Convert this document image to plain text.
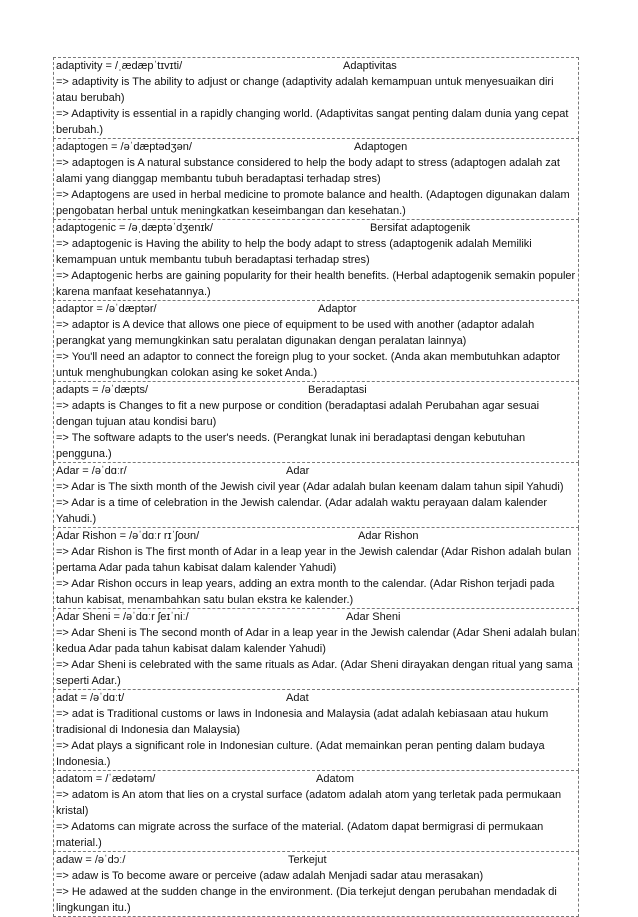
adaptivity = /ˌædæpˈtɪvɪti/	Adaptivitas

=> adaptivity is The ability to adjust or change (adaptivity adalah kemampuan untuk menyesuaikan diri atau berubah)

=> Adaptivity is essential in a rapidly changing world. (Adaptivitas sangat penting dalam dunia yang cepat berubah.)

adaptogen = /əˈdæptədʒən/	Adaptogen

=> adaptogen is A natural substance considered to help the body adapt to stress (adaptogen adalah zat alami yang dianggap membantu tubuh beradaptasi terhadap stres)

=> Adaptogens are used in herbal medicine to promote balance and health. (Adaptogen digunakan dalam pengobatan herbal untuk meningkatkan keseimbangan dan kesehatan.)

adaptogenic = /əˌdæptəˈdʒenɪk/	Bersifat adaptogenik

=> adaptogenic is Having the ability to help the body adapt to stress (adaptogenik adalah Memiliki kemampuan untuk membantu tubuh beradaptasi terhadap stres)

=> Adaptogenic herbs are gaining popularity for their health benefits. (Herbal adaptogenik semakin populer karena manfaat kesehatannya.)

adaptor = /əˈdæptər/	Adaptor

=> adaptor is A device that allows one piece of equipment to be used with another (adaptor adalah perangkat yang memungkinkan satu peralatan digunakan dengan peralatan lainnya)

=> You'll need an adaptor to connect the foreign plug to your socket. (Anda akan membutuhkan adaptor untuk menghubungkan colokan asing ke soket Anda.)

adapts = /əˈdæpts/	Beradaptasi

=> adapts is Changes to fit a new purpose or condition (beradaptasi adalah Perubahan agar sesuai dengan tujuan atau kondisi baru)

=> The software adapts to the user's needs. (Perangkat lunak ini beradaptasi dengan kebutuhan pengguna.)

Adar = /əˈdɑːr/	Adar

=> Adar is The sixth month of the Jewish civil year (Adar adalah bulan keenam dalam tahun sipil Yahudi)

=> Adar is a time of celebration in the Jewish calendar. (Adar adalah waktu perayaan dalam kalender Yahudi.)

Adar Rishon = /əˈdɑːr rɪˈʃoʊn/	Adar Rishon

=> Adar Rishon is The first month of Adar in a leap year in the Jewish calendar (Adar Rishon adalah bulan pertama Adar pada tahun kabisat dalam kalender Yahudi)

=> Adar Rishon occurs in leap years, adding an extra month to the calendar. (Adar Rishon terjadi pada tahun kabisat, menambahkan satu bulan ekstra ke kalender.)

Adar Sheni = /əˈdɑːr ʃeɪˈniː/	Adar Sheni

=> Adar Sheni is The second month of Adar in a leap year in the Jewish calendar (Adar Sheni adalah bulan kedua Adar pada tahun kabisat dalam kalender Yahudi)

=> Adar Sheni is celebrated with the same rituals as Adar. (Adar Sheni dirayakan dengan ritual yang sama seperti Adar.)

adat = /əˈdɑːt/	Adat

=> adat is Traditional customs or laws in Indonesia and Malaysia (adat adalah kebiasaan atau hukum tradisional di Indonesia dan Malaysia)

=> Adat plays a significant role in Indonesian culture. (Adat memainkan peran penting dalam budaya Indonesia.)

adatom = /ˈædətəm/	Adatom

=> adatom is An atom that lies on a crystal surface (adatom adalah atom yang terletak pada permukaan kristal)

=> Adatoms can migrate across the surface of the material. (Adatom dapat bermigrasi di permukaan material.)

adaw = /əˈdɔː/	Terkejut

=> adaw is To become aware or perceive (adaw adalah Menjadi sadar atau merasakan)

=> He adawed at the sudden change in the environment. (Dia terkejut dengan perubahan mendadak di lingkungan itu.)
